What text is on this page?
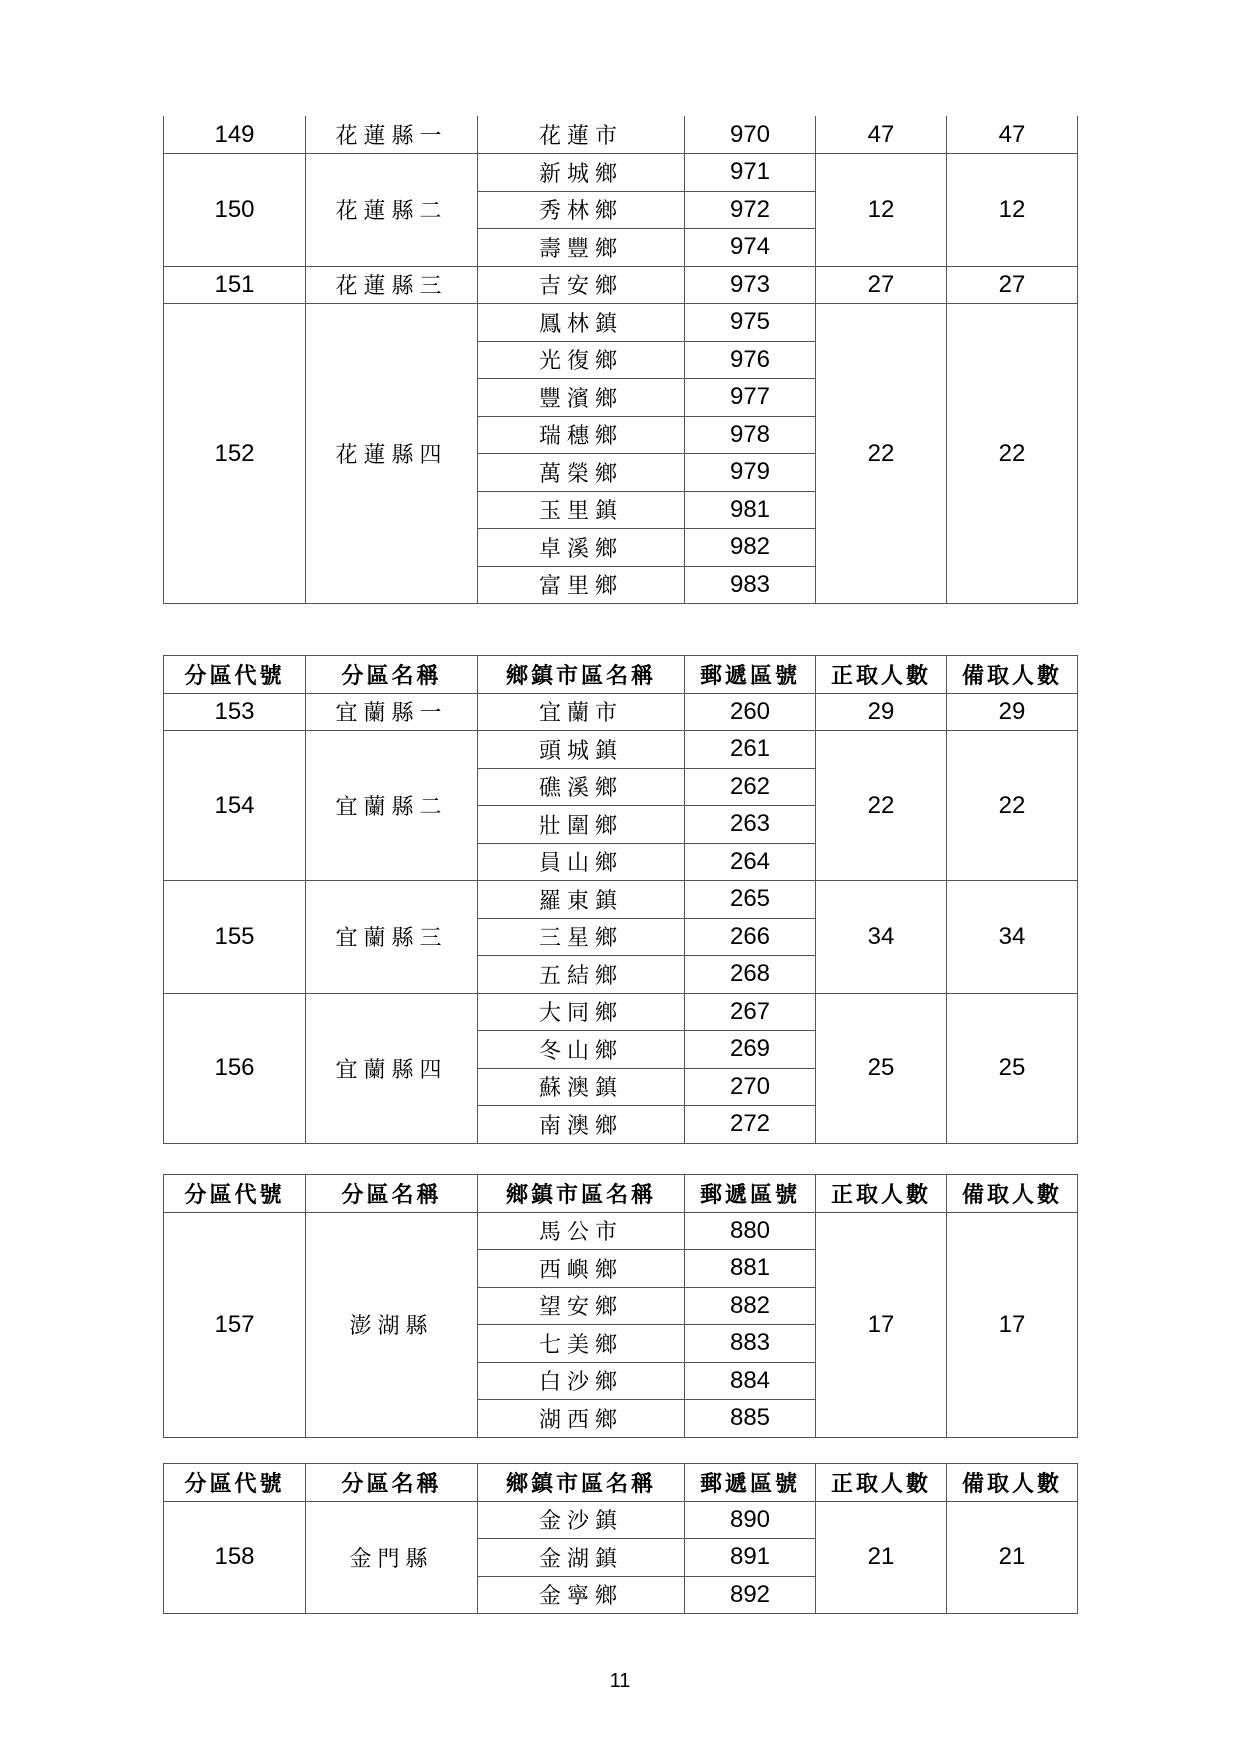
149	花蓮縣一	花蓮市	970	47	47
150	花蓮縣二	新城鄉	971	12	12
		秀林鄉	972		
		壽豐鄉	974		
151	花蓮縣三	吉安鄉	973	27	27
152	花蓮縣四	鳳林鎮	975	22	22
		光復鄉	976		
		豐濱鄉	977		
		瑞穗鄉	978		
		萬榮鄉	979		
		玉里鎮	981		
		卓溪鄉	982		
		富里鄉	983		
分區代號	分區名稱	鄉鎮市區名稱	郵遞區號	正取人數	備取人數
153	宜蘭縣一	宜蘭市	260	29	29
154	宜蘭縣二	頭城鎮	261	22	22
		礁溪鄉	262		
		壯圍鄉	263		
		員山鄉	264		
155	宜蘭縣三	羅東鎮	265	34	34
		三星鄉	266		
		五結鄉	268		
156	宜蘭縣四	大同鄉	267	25	25
		冬山鄉	269		
		蘇澳鎮	270		
		南澳鄉	272		
分區代號	分區名稱	鄉鎮市區名稱	郵遞區號	正取人數	備取人數
157	澎湖縣	馬公市	880	17	17
		西嶼鄉	881		
		望安鄉	882		
		七美鄉	883		
		白沙鄉	884		
		湖西鄉	885		
分區代號	分區名稱	鄉鎮市區名稱	郵遞區號	正取人數	備取人數
158	金門縣	金沙鎮	890	21	21
		金湖鎮	891		
		金寧鄉	892		
11
